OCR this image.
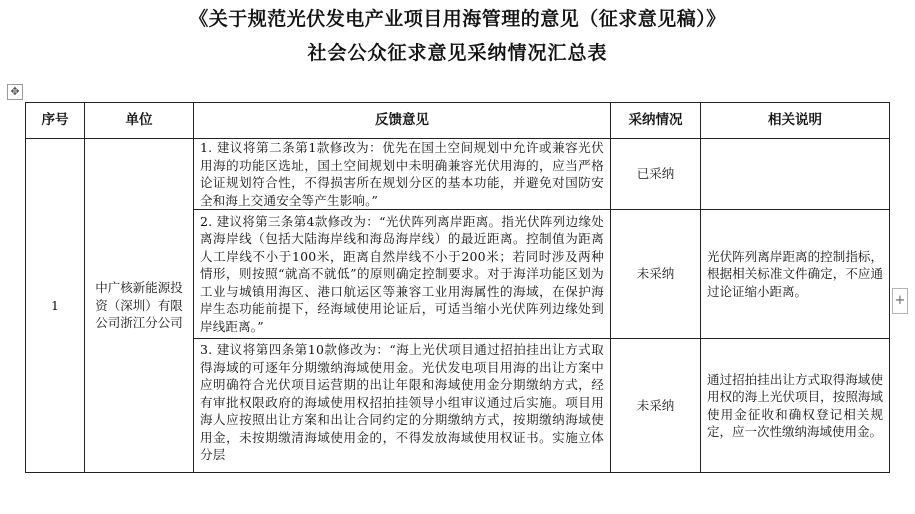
《关于规范光伏发电产业项目用海管理的意见（征求意见稿）》
社会公众征求意见采纳情况汇总表
✥
+
序号	单位	反馈意见	采纳情况	相关说明
1	中广核新能源投资（深圳）有限公司浙江分公司	1. 建议将第二条第1款修改为：优先在国土空间规划中允许或兼容光伏用海的功能区选址，国土空间规划中未明确兼容光伏用海的，应当严格论证规划符合性，不得损害所在规划分区的基本功能，并避免对国防安全和海上交通安全等产生影响。”	已采纳	
		2. 建议将第三条第4款修改为：“光伏阵列离岸距离。指光伏阵列边缘处离海岸线（包括大陆海岸线和海岛海岸线）的最近距离。控制值为距离人工岸线不小于100米，距离自然岸线不小于200米；若同时涉及两种情形，则按照“就高不就低”的原则确定控制要求。对于海洋功能区划为工业与城镇用海区、港口航运区等兼容工业用海属性的海域，在保护海岸生态功能前提下，经海域使用论证后，可适当缩小光伏阵列边缘处到岸线距离。”	未采纳	光伏阵列离岸距离的控制指标，根据相关标准文件确定，不应通过论证缩小距离。

		3. 建议将第四条第10款修改为：“海上光伏项目通过招拍挂出让方式取得海域的可逐年分期缴纳海域使用金。光伏发电项目用海的出让方案中应明确符合光伏项目运营期的出让年限和海域使用金分期缴纳方式，经有审批权限政府的海域使用权招拍挂领导小组审议通过后实施。项目用海人应按照出让方案和出让合同约定的分期缴纳方式，按期缴纳海域使用金，未按期缴清海域使用金的，不得发放海域使用权证书。实施立体分层	未采纳	通过招拍挂出让方式取得海域使用权的海上光伏项目，按照海域使用金征收和确权登记相关规定，应一次性缴纳海域使用金。
